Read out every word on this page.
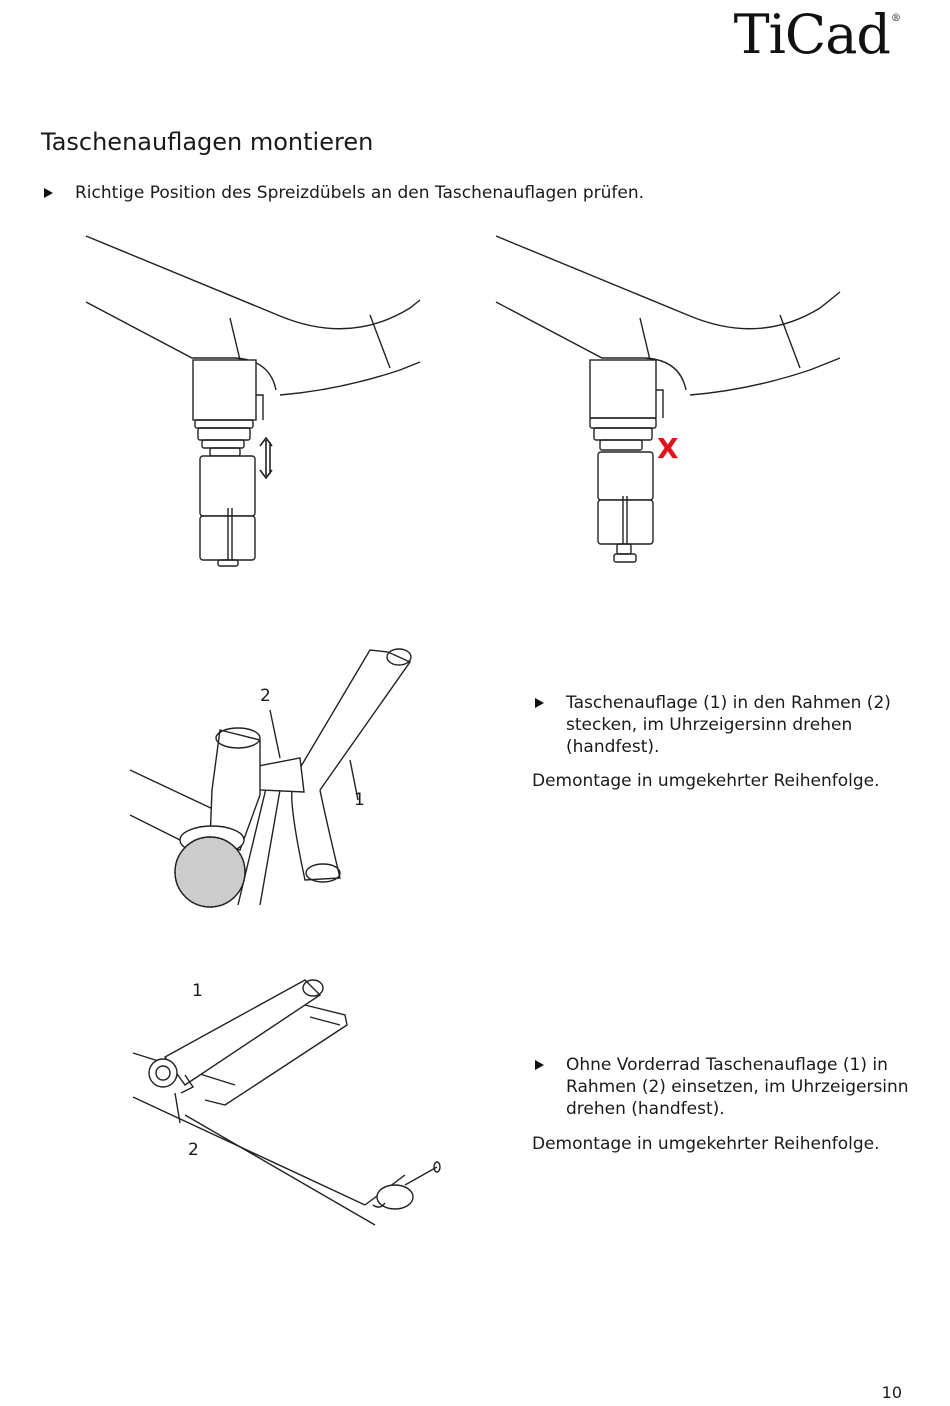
TiCad®
Taschenauflagen montieren
Richtige Position des Spreizdübels an den Taschenauflagen prüfen.
X
2
1
Taschenauflage (1) in den Rahmen (2) stecken, im Uhrzeigersinn drehen (handfest).
Demontage in umgekehrter Reihenfolge.
1
2
Ohne Vorderrad Taschenauflage (1) in Rahmen (2) einsetzen, im Uhrzeigersinn drehen (handfest).
Demontage in umgekehrter Reihenfolge.
10
